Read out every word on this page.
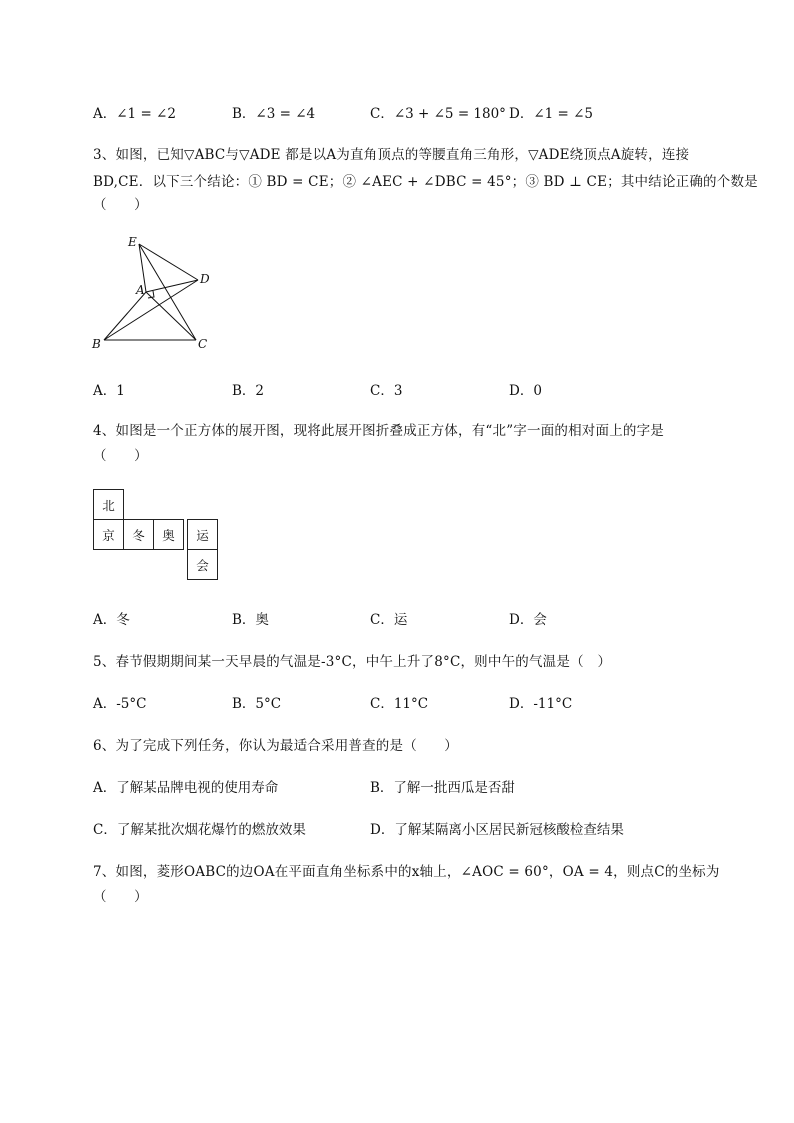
A．∠1 = ∠2	B．∠3 = ∠4	C．∠3 + ∠5 = 180° D．∠1 = ∠5
3、如图，已知▽ABC与▽ADE 都是以A为直角顶点的等腰直角三角形，▽ADE绕顶点A旋转，连接
BD,CE．以下三个结论：① BD = CE；② ∠AEC + ∠DBC = 45°；③ BD ⊥ CE；其中结论正确的个数是
（　　）
E
D
A
B	C
A．1	B．2	C．3	D．0
4、如图是一个正方体的展开图，现将此展开图折叠成正方体，有“北”字一面的相对面上的字是
（　　）
北
京	冬	奥	运
会
A．冬	B．奥	C．运	D．会
5、春节假期期间某一天早晨的气温是-3°C，中午上升了8°C，则中午的气温是（　）
A．-5°C	B．5°C	C．11°C	D．-11°C
6、为了完成下列任务，你认为最适合采用普查的是（　　）
A．了解某品牌电视的使用寿命	B．了解一批西瓜是否甜
C．了解某批次烟花爆竹的燃放效果	D．了解某隔离小区居民新冠核酸检查结果
7、如图，菱形OABC的边OA在平面直角坐标系中的x轴上，∠AOC = 60°，OA = 4，则点C的坐标为
（　　）
